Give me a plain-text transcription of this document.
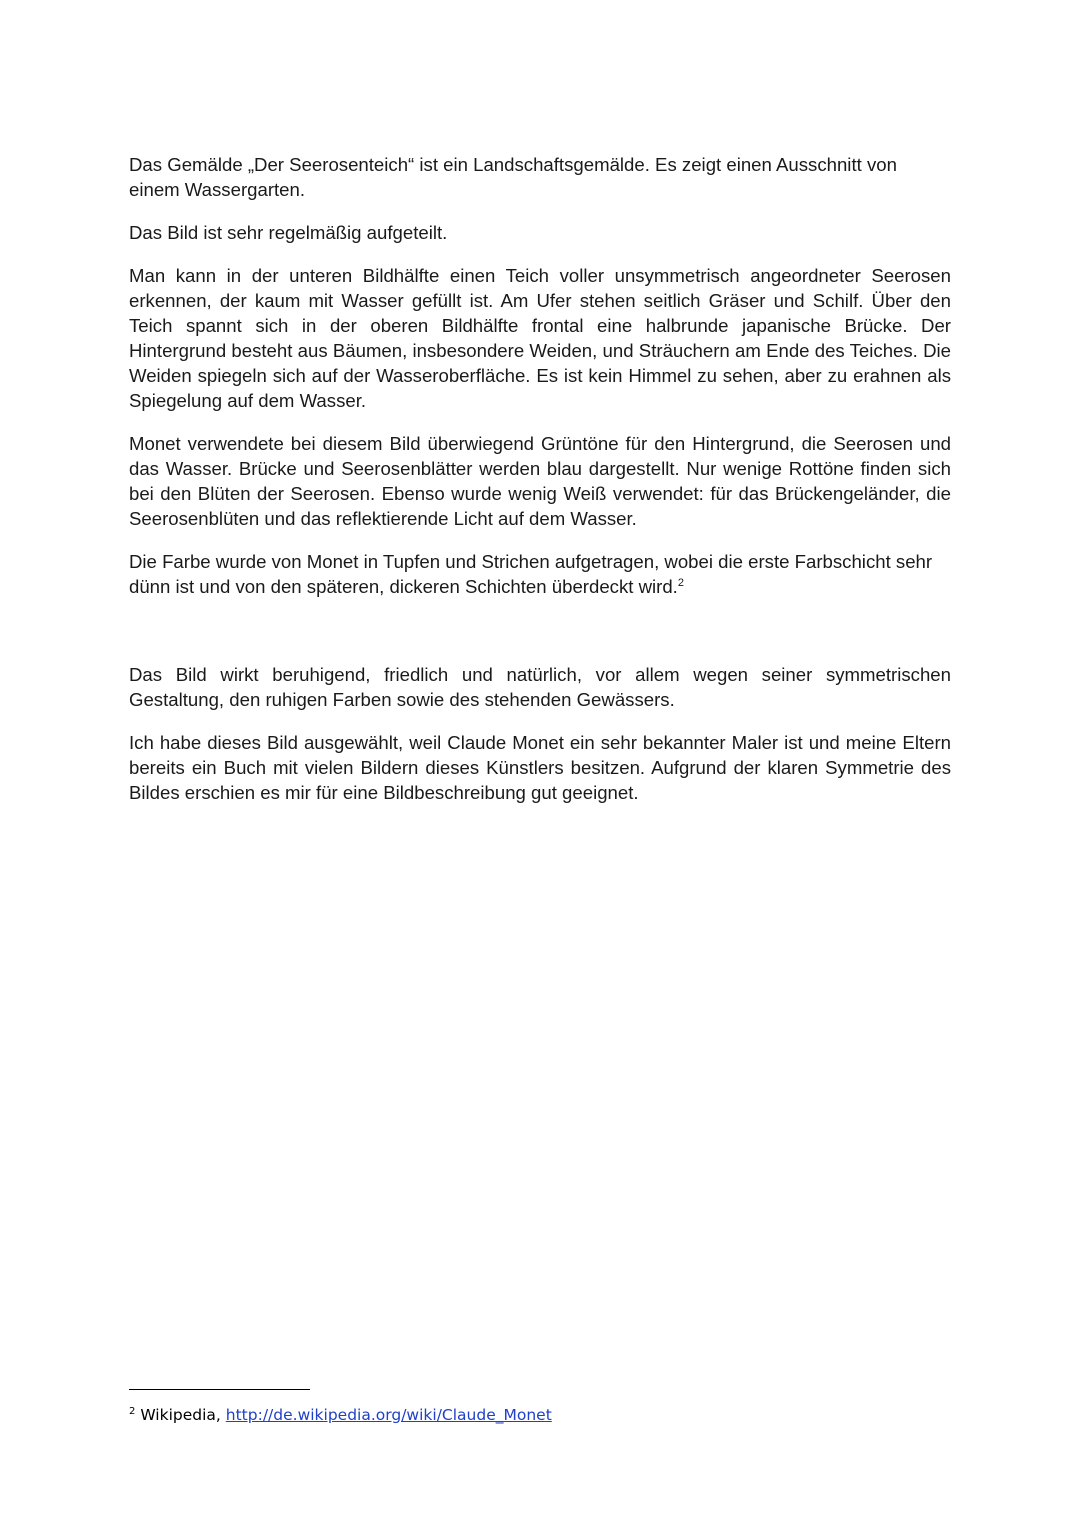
Das Gemälde „Der Seerosenteich“ ist ein Landschaftsgemälde. Es zeigt einen Ausschnitt von einem Wassergarten.

Das Bild ist sehr regelmäßig aufgeteilt.

Man kann in der unteren Bildhälfte einen Teich voller unsymmetrisch angeordneter Seerosen erkennen, der kaum mit Wasser gefüllt ist. Am Ufer stehen seitlich Gräser und Schilf. Über den Teich spannt sich in der oberen Bildhälfte frontal eine halbrunde japanische Brücke. Der Hintergrund besteht aus Bäumen, insbesondere Weiden, und Sträuchern am Ende des Teiches. Die Weiden spiegeln sich auf der Wasseroberfläche. Es ist kein Himmel zu sehen, aber zu erahnen als Spiegelung auf dem Wasser.

Monet verwendete bei diesem Bild überwiegend Grüntöne für den Hintergrund, die Seerosen und das Wasser. Brücke und Seerosenblätter werden blau dargestellt. Nur wenige Rottöne finden sich bei den Blüten der Seerosen. Ebenso wurde wenig Weiß verwendet: für das Brückengeländer, die Seerosenblüten und das reflektierende Licht auf dem Wasser.

Die Farbe wurde von Monet in Tupfen und Strichen aufgetragen, wobei die erste Farbschicht sehr dünn ist und von den späteren, dickeren Schichten überdeckt wird.$^2$

Das Bild wirkt beruhigend, friedlich und natürlich, vor allem wegen seiner symmetrischen Gestaltung, den ruhigen Farben sowie des stehenden Gewässers.

Ich habe dieses Bild ausgewählt, weil Claude Monet ein sehr bekannter Maler ist und meine Eltern bereits ein Buch mit vielen Bildern dieses Künstlers besitzen. Aufgrund der klaren Symmetrie des Bildes erschien es mir für eine Bildbeschreibung gut geeignet.

$^2$ Wikipedia, http://de.wikipedia.org/wiki/Claude_Monet
